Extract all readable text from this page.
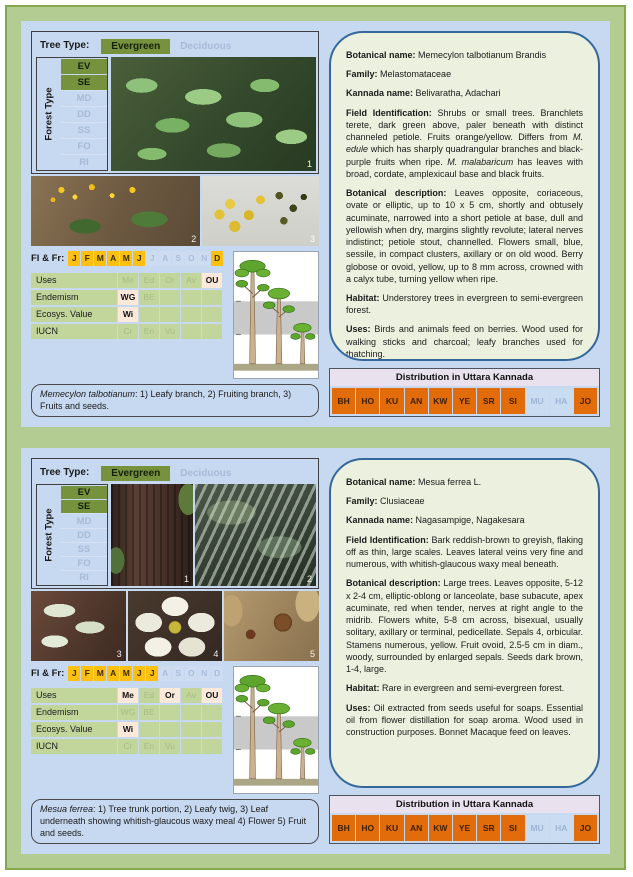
Tree Type:	Evergreen Deciduous
Forest Type
EV
SE
MD
DD
SS
FO
RI	1
2	3
Fl & Fr: J F M A M J J A S O N D
Uses	Me	Ed	Or	Av	OU
Endemism	WG BE
Ecosys. Value	Wi
IUCN	Cr	En	Vu
Memecylon talbotianum: 1) Leafy branch, 2) Fruiting branch, 3) Fruits and seeds.

Botanical name: Memecylon talbotianum Brandis

Family: Melastomataceae

Kannada name: Belivaratha, Adachari

Field Identification: Shrubs or small trees. Branchlets terete, dark green above, paler beneath with distinct channeled petiole. Fruits orange/yellow. Differs from M. edule which has sharply quadrangular branches and black-purple fruits when ripe. M. malabaricum has leaves with broad, cordate, amplexicaul base and black fruits.

Botanical description: Leaves opposite, coriaceous, ovate or elliptic, up to 10 x 5 cm, shortly and obtusely acuminate, narrowed into a short petiole at base, dull and yellowish when dry, margins slightly revolute; lateral nerves indistinct; petiole stout, channelled. Flowers small, blue, sessile, in compact clusters, axillary or on old wood. Berry globose or ovoid, yellow, up to 8 mm across, crowned with a calyx tube, turning yellow when ripe.

Habitat: Understorey trees in evergreen to semi-evergreen forest.

Uses: Birds and animals feed on berries. Wood used for walking sticks and charcoal; leafy branches used for thatching.

Distribution in Uttara Kannada
BH	HO	KU	AN	KW	YE	SR	SI	MU	HA	JO
Tree Type:	Evergreen Deciduous
Forest Type
EV
SE
MD
DD
SS
FO
RI	1	2
3	4	5
Fl & Fr: J F M A M J J A S O N D
Uses	Me	Ed	Or	Av	OU
Endemism	WG BE
Ecosys. Value	Wi
IUCN	Cr	En	Vu
Mesua ferrea: 1) Tree trunk portion, 2) Leafy twig, 3) Leaf underneath showing whitish-glaucous waxy meal 4) Flower 5) Fruit and seeds.

Botanical name: Mesua ferrea L.

Family: Clusiaceae

Kannada name: Nagasampige, Nagakesara

Field Identification: Bark reddish-brown to greyish, flaking off as thin, large scales. Leaves lateral veins very fine and numerous, with whitish-glaucous waxy meal beneath.

Botanical description: Large trees. Leaves opposite, 5-12 x 2-4 cm, elliptic-oblong or lanceolate, base subacute, apex acuminate, red when tender, nerves at right angle to the midrib. Flowers white, 5-8 cm across, bisexual, usually solitary, axillary or terminal, pedicellate. Sepals 4, orbicular. Stamens numerous, yellow. Fruit ovoid, 2.5-5 cm in diam., woody, surrounded by enlarged sepals. Seeds dark brown, 1-4, large.

Habitat: Rare in evergreen and semi-evergreen forest.

Uses: Oil extracted from seeds useful for soaps. Essential oil from flower distillation for soap aroma. Wood used in construction purposes. Bonnet Macaque feed on leaves.

Distribution in Uttara Kannada
BH	HO	KU	AN	KW	YE	SR	SI	MU	HA	JO
